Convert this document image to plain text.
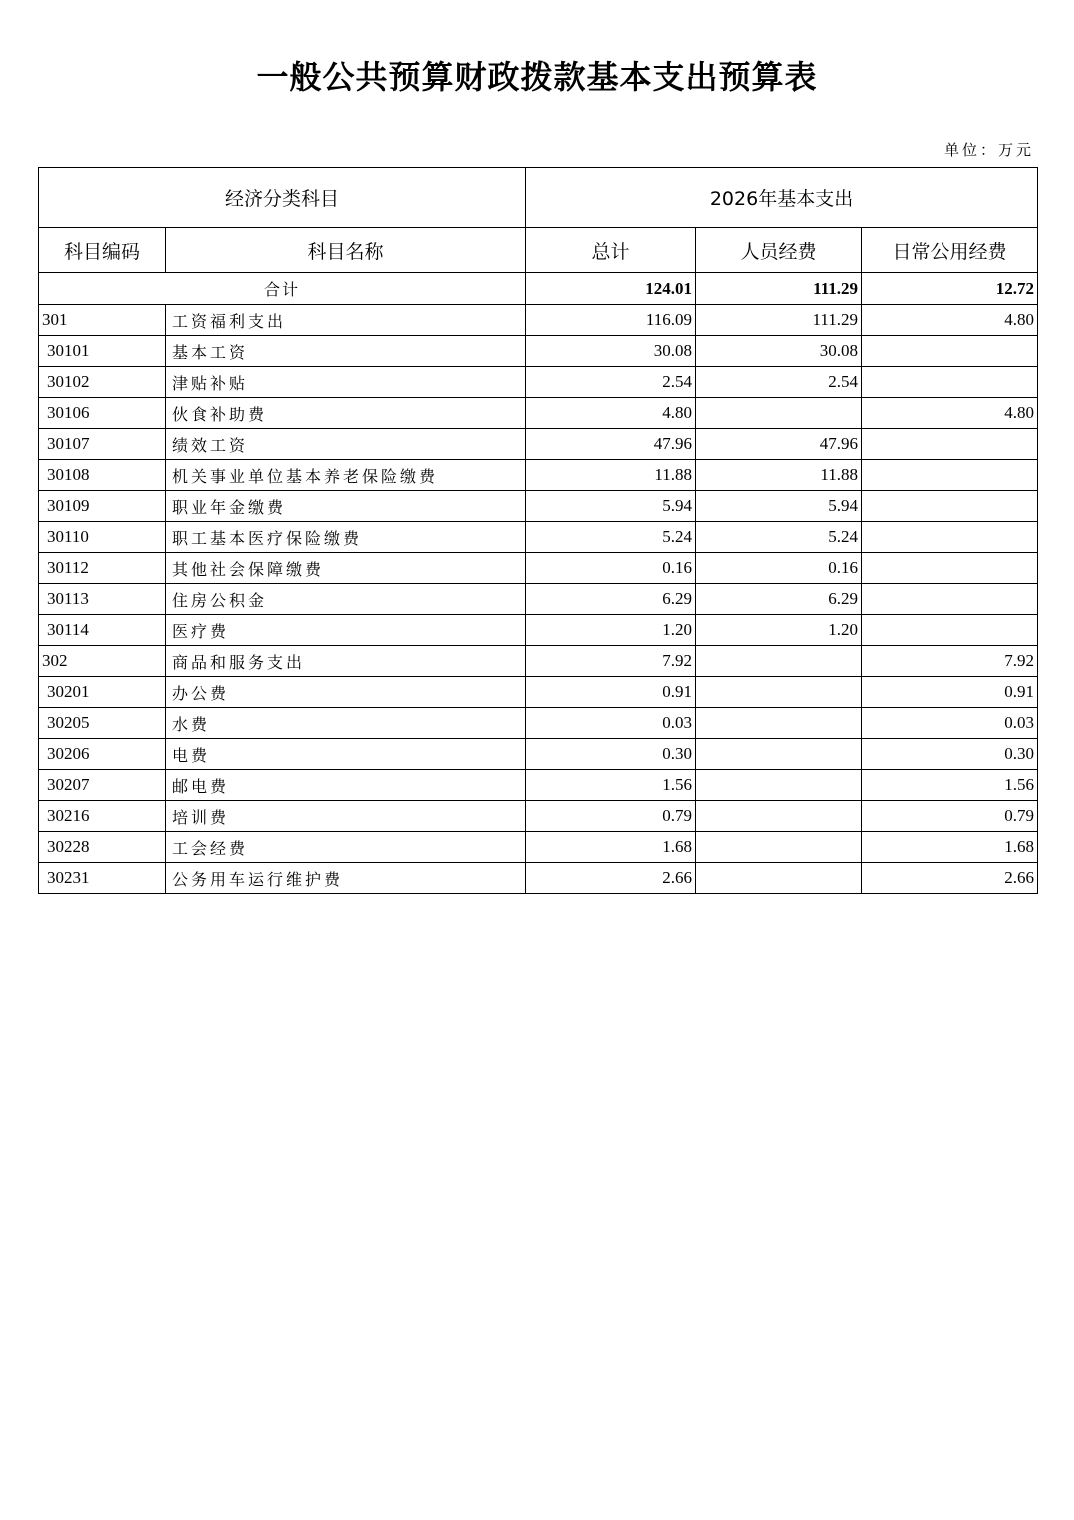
一般公共预算财政拨款基本支出预算表
单位：万元
经济分类科目		2026年基本支出		
科目编码	科目名称	总计	人员经费	日常公用经费
合计		124.01	111.29	12.72
301	工资福利支出	116.09	111.29	4.80
30101	基本工资	30.08	30.08	
30102	津贴补贴	2.54	2.54	
30106	伙食补助费	4.80		4.80
30107	绩效工资	47.96	47.96	
30108	机关事业单位基本养老保险缴费	11.88	11.88	
30109	职业年金缴费	5.94	5.94	
30110	职工基本医疗保险缴费	5.24	5.24	
30112	其他社会保障缴费	0.16	0.16	
30113	住房公积金	6.29	6.29	
30114	医疗费	1.20	1.20	
302	商品和服务支出	7.92		7.92
30201	办公费	0.91		0.91
30205	水费	0.03		0.03
30206	电费	0.30		0.30
30207	邮电费	1.56		1.56
30216	培训费	0.79		0.79
30228	工会经费	1.68		1.68
30231	公务用车运行维护费	2.66		2.66
